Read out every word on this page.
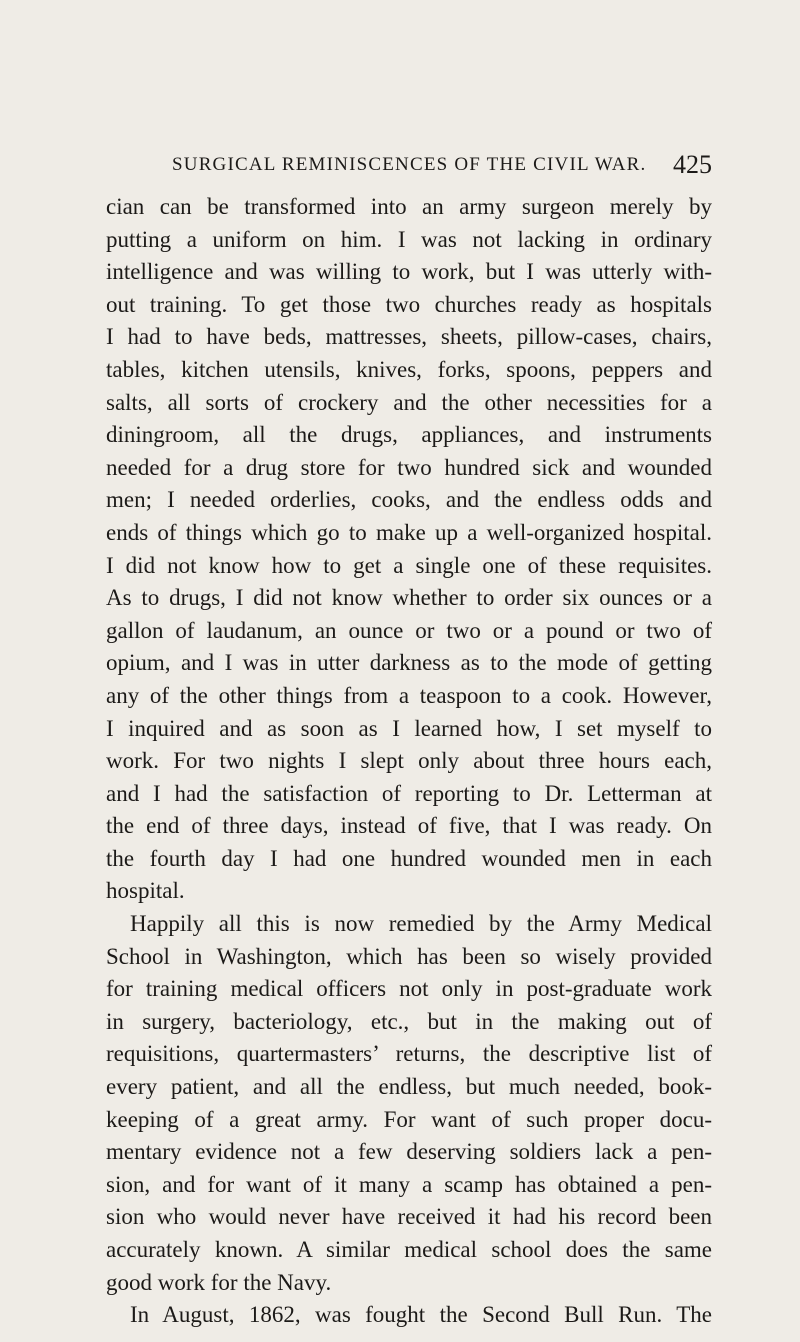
SURGICAL REMINISCENCES OF THE CIVIL WAR. 425
cian can be transformed into an army surgeon merely by
putting a uniform on him. I was not lacking in ordinary
intelligence and was willing to work, but I was utterly with-
out training. To get those two churches ready as hospitals
I had to have beds, mattresses, sheets, pillow-cases, chairs,
tables, kitchen utensils, knives, forks, spoons, peppers and
salts, all sorts of crockery and the other necessities for a
diningroom, all the drugs, appliances, and instruments
needed for a drug store for two hundred sick and wounded
men; I needed orderlies, cooks, and the endless odds and
ends of things which go to make up a well-organized hospital.
I did not know how to get a single one of these requisites.
As to drugs, I did not know whether to order six ounces or a
gallon of laudanum, an ounce or two or a pound or two of
opium, and I was in utter darkness as to the mode of getting
any of the other things from a teaspoon to a cook. However,
I inquired and as soon as I learned how, I set myself to
work. For two nights I slept only about three hours each,
and I had the satisfaction of reporting to Dr. Letterman at
the end of three days, instead of five, that I was ready. On
the fourth day I had one hundred wounded men in each
hospital.
Happily all this is now remedied by the Army Medical
School in Washington, which has been so wisely provided
for training medical officers not only in post-graduate work
in surgery, bacteriology, etc., but in the making out of
requisitions, quartermasters’ returns, the descriptive list of
every patient, and all the endless, but much needed, book-
keeping of a great army. For want of such proper docu-
mentary evidence not a few deserving soldiers lack a pen-
sion, and for want of it many a scamp has obtained a pen-
sion who would never have received it had his record been
accurately known. A similar medical school does the same
good work for the Navy.
In August, 1862, was fought the Second Bull Run. The
